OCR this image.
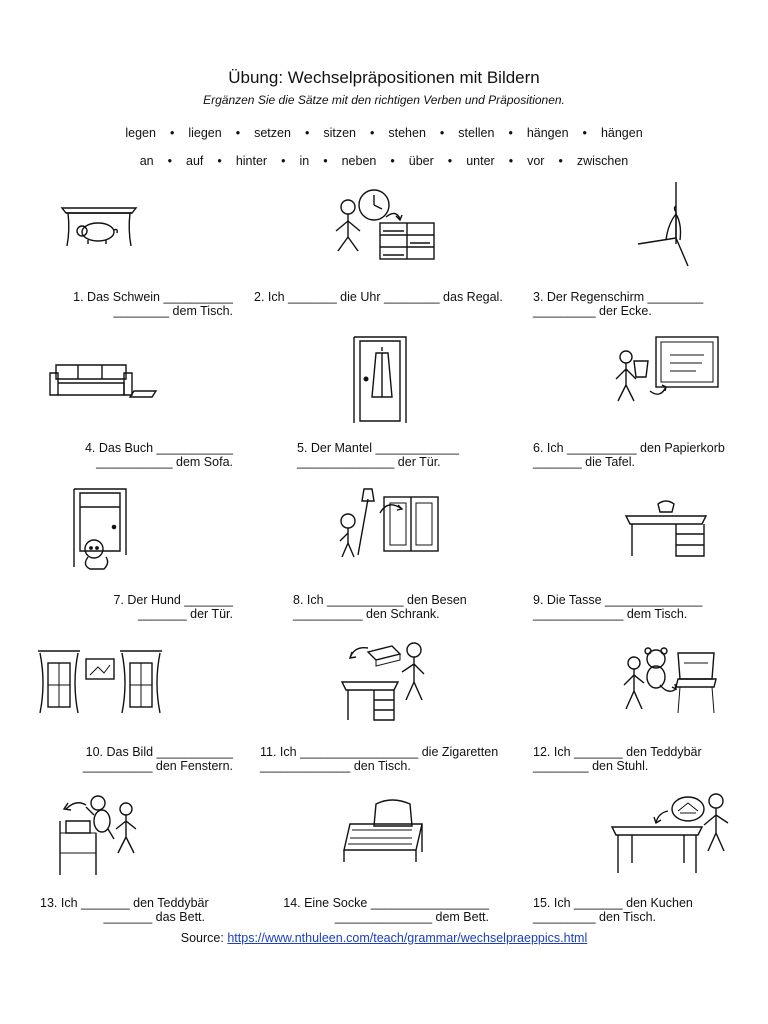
Übung: Wechselpräpositionen mit Bildern
Ergänzen Sie die Sätze mit den richtigen Verben und Präpositionen.
legen • liegen • setzen • sitzen • stehen • stellen • hängen • hängen
an • auf • hinter • in • neben • über • unter • vor • zwischen
1. Das Schwein __________
________ dem Tisch.
2. Ich _______ die Uhr ________ das Regal.	3. Der Regenschirm ________
_________ der Ecke.
4. Das Buch ___________
___________ dem Sofa.
5. Der Mantel ____________
______________ der Tür.
6. Ich __________ den Papierkorb
_______ die Tafel.
7. Der Hund _______
_______ der Tür.
8. Ich ___________ den Besen
__________ den Schrank.
9. Die Tasse ______________
_____________ dem Tisch.
10. Das Bild ___________
__________ den Fenstern.
11. Ich _________________ die Zigaretten
_____________ den Tisch.
12. Ich _______ den Teddybär
________ den Stuhl.
13. Ich _______ den Teddybär
_______ das Bett.
14. Eine Socke _________________
______________ dem Bett.
15. Ich _______ den Kuchen
_________ den Tisch.
Source: https://www.nthuleen.com/teach/grammar/wechselpraeppics.html
